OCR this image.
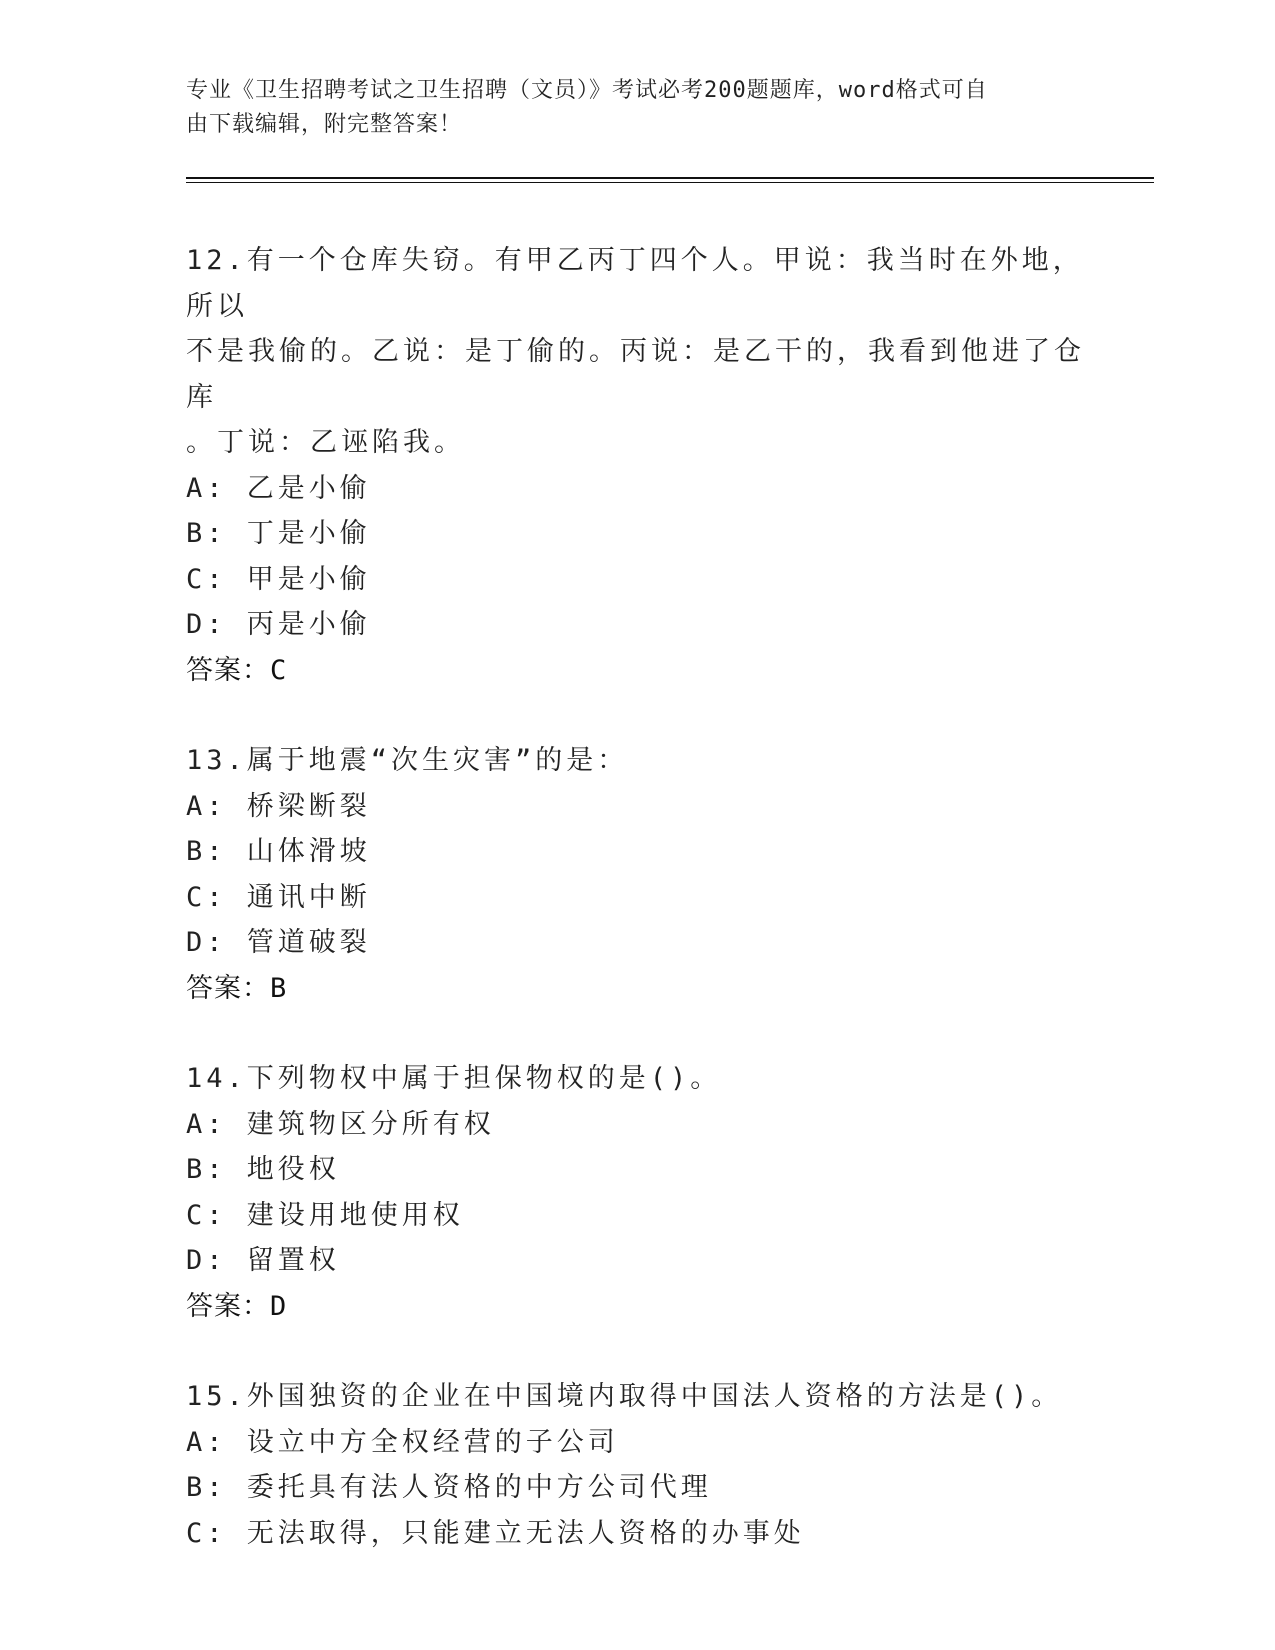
专业《卫生招聘考试之卫生招聘（文员）》考试必考200题题库，word格式可自
由下载编辑，附完整答案！
12.有一个仓库失窃。有甲乙丙丁四个人。甲说：我当时在外地，所以
不是我偷的。乙说：是丁偷的。丙说：是乙干的，我看到他进了仓库
。丁说：乙诬陷我。
A: 乙是小偷
B: 丁是小偷
C: 甲是小偷
D: 丙是小偷
答案：C
13.属于地震“次生灾害”的是：
A: 桥梁断裂
B: 山体滑坡
C: 通讯中断
D: 管道破裂
答案：B
14.下列物权中属于担保物权的是()。
A: 建筑物区分所有权
B: 地役权
C: 建设用地使用权
D: 留置权
答案：D
15.外国独资的企业在中国境内取得中国法人资格的方法是()。
A: 设立中方全权经营的子公司
B: 委托具有法人资格的中方公司代理
C: 无法取得，只能建立无法人资格的办事处
